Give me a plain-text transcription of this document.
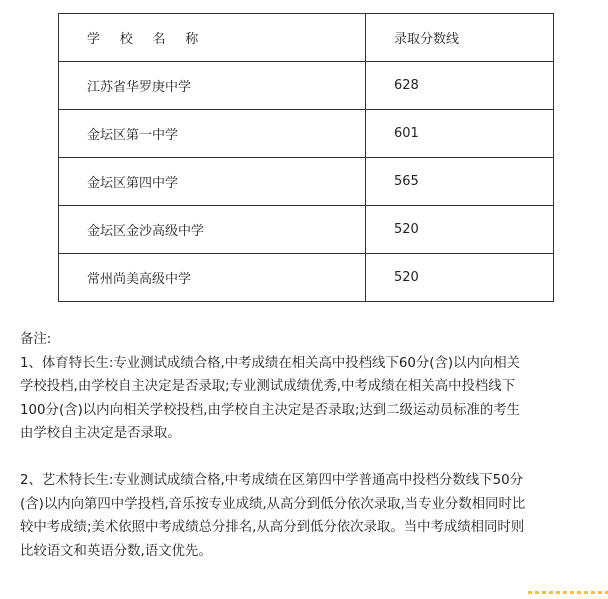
学 校 名 称	录取分数线
江苏省华罗庚中学	628
金坛区第一中学	601
金坛区第四中学	565
金坛区金沙高级中学	520
常州尚美高级中学	520

备注:

1、体育特长生:专业测试成绩合格,中考成绩在相关高中投档线下60分(含)以内向相关

学校投档,由学校自主决定是否录取;专业测试成绩优秀,中考成绩在相关高中投档线下

100分(含)以内向相关学校投档,由学校自主决定是否录取;达到二级运动员标准的考生

由学校自主决定是否录取。

2、艺术特长生:专业测试成绩合格,中考成绩在区第四中学普通高中投档分数线下50分

(含)以内向第四中学投档,音乐按专业成绩,从高分到低分依次录取,当专业分数相同时比

较中考成绩;美术依照中考成绩总分排名,从高分到低分依次录取。当中考成绩相同时则

比较语文和英语分数,语文优先。
